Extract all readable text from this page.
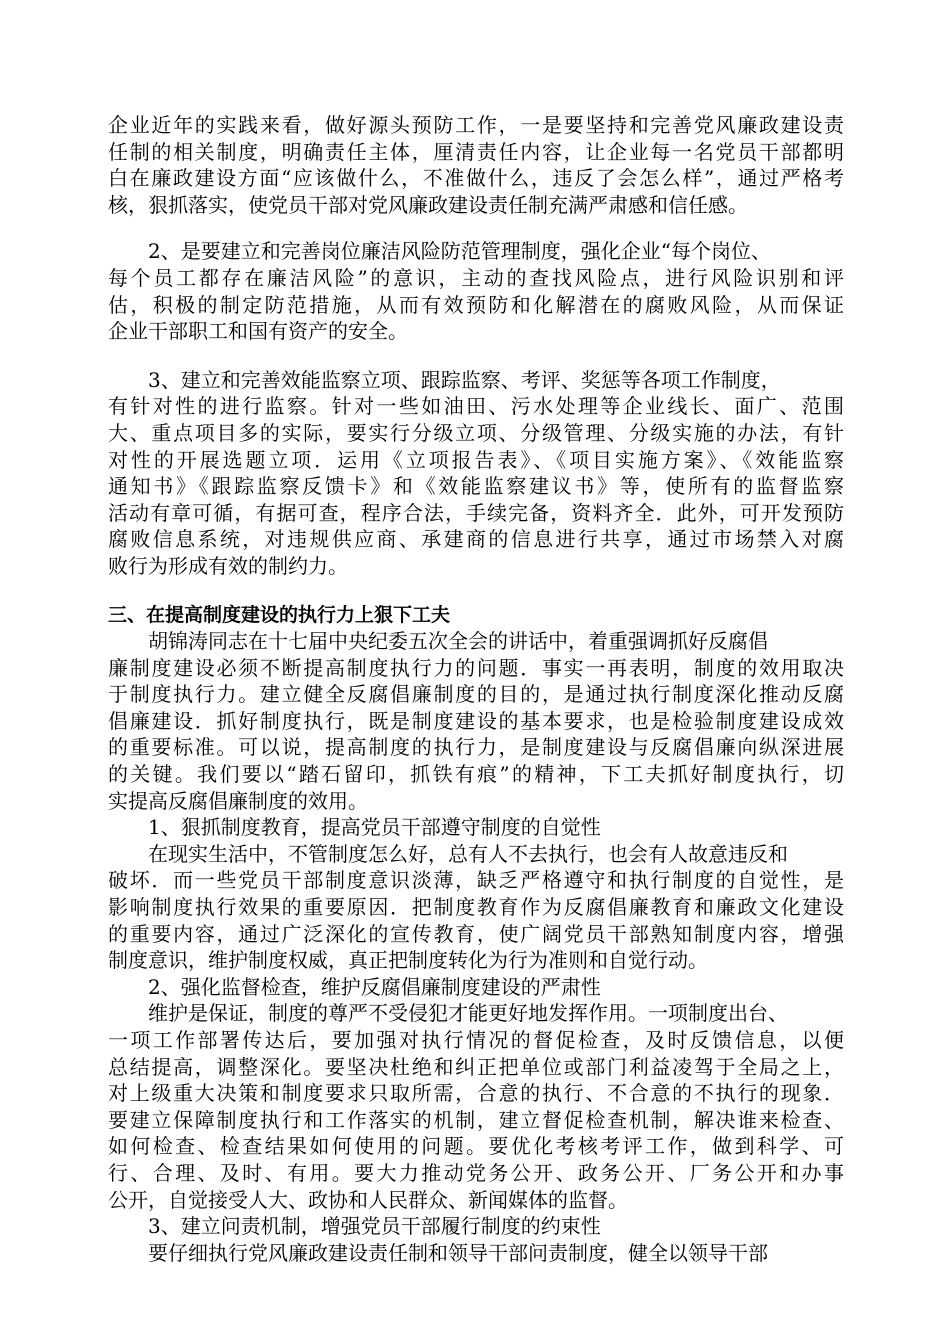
企业近年的实践来看，做好源头预防工作，一是要坚持和完善党风廉政建设责
任制的相关制度，明确责任主体，厘清责任内容，让企业每一名党员干部都明
白在廉政建设方面“应该做什么，不准做什么，违反了会怎么样”，通过严格考
核，狠抓落实，使党员干部对党风廉政建设责任制充满严肃感和信任感。
2、是要建立和完善岗位廉洁风险防范管理制度，强化企业“每个岗位、
每个员工都存在廉洁风险”的意识，主动的查找风险点，进行风险识别和评
估，积极的制定防范措施，从而有效预防和化解潜在的腐败风险，从而保证
企业干部职工和国有资产的安全。
3、建立和完善效能监察立项、跟踪监察、考评、奖惩等各项工作制度，
有针对性的进行监察。针对一些如油田、污水处理等企业线长、面广、范围
大、重点项目多的实际，要实行分级立项、分级管理、分级实施的办法，有针
对性的开展选题立项．运用《立项报告表》、《项目实施方案》、《效能监察
通知书》《跟踪监察反馈卡》和《效能监察建议书》等，使所有的监督监察
活动有章可循，有据可查，程序合法，手续完备，资料齐全．此外，可开发预防
腐败信息系统，对违规供应商、承建商的信息进行共享，通过市场禁入对腐
败行为形成有效的制约力。
三、在提高制度建设的执行力上狠下工夫
胡锦涛同志在十七届中央纪委五次全会的讲话中，着重强调抓好反腐倡
廉制度建设必须不断提高制度执行力的问题．事实一再表明，制度的效用取决
于制度执行力。建立健全反腐倡廉制度的目的，是通过执行制度深化推动反腐
倡廉建设．抓好制度执行，既是制度建设的基本要求，也是检验制度建设成效
的重要标准。可以说，提高制度的执行力，是制度建设与反腐倡廉向纵深进展
的关键。我们要以“踏石留印，抓铁有痕”的精神，下工夫抓好制度执行，切
实提高反腐倡廉制度的效用。
1、狠抓制度教育，提高党员干部遵守制度的自觉性
在现实生活中，不管制度怎么好，总有人不去执行，也会有人故意违反和
破坏．而一些党员干部制度意识淡薄，缺乏严格遵守和执行制度的自觉性，是
影响制度执行效果的重要原因．把制度教育作为反腐倡廉教育和廉政文化建设
的重要内容，通过广泛深化的宣传教育，使广阔党员干部熟知制度内容，增强
制度意识，维护制度权威，真正把制度转化为行为准则和自觉行动。
2、强化监督检查，维护反腐倡廉制度建设的严肃性
维护是保证，制度的尊严不受侵犯才能更好地发挥作用。一项制度出台、
一项工作部署传达后，要加强对执行情况的督促检查，及时反馈信息，以便
总结提高，调整深化。要坚决杜绝和纠正把单位或部门利益凌驾于全局之上，
对上级重大决策和制度要求只取所需，合意的执行、不合意的不执行的现象．
要建立保障制度执行和工作落实的机制，建立督促检查机制，解决谁来检查、
如何检查、检查结果如何使用的问题。要优化考核考评工作，做到科学、可
行、合理、及时、有用。要大力推动党务公开、政务公开、厂务公开和办事
公开，自觉接受人大、政协和人民群众、新闻媒体的监督。
3、建立问责机制，增强党员干部履行制度的约束性
要仔细执行党风廉政建设责任制和领导干部问责制度，健全以领导干部
